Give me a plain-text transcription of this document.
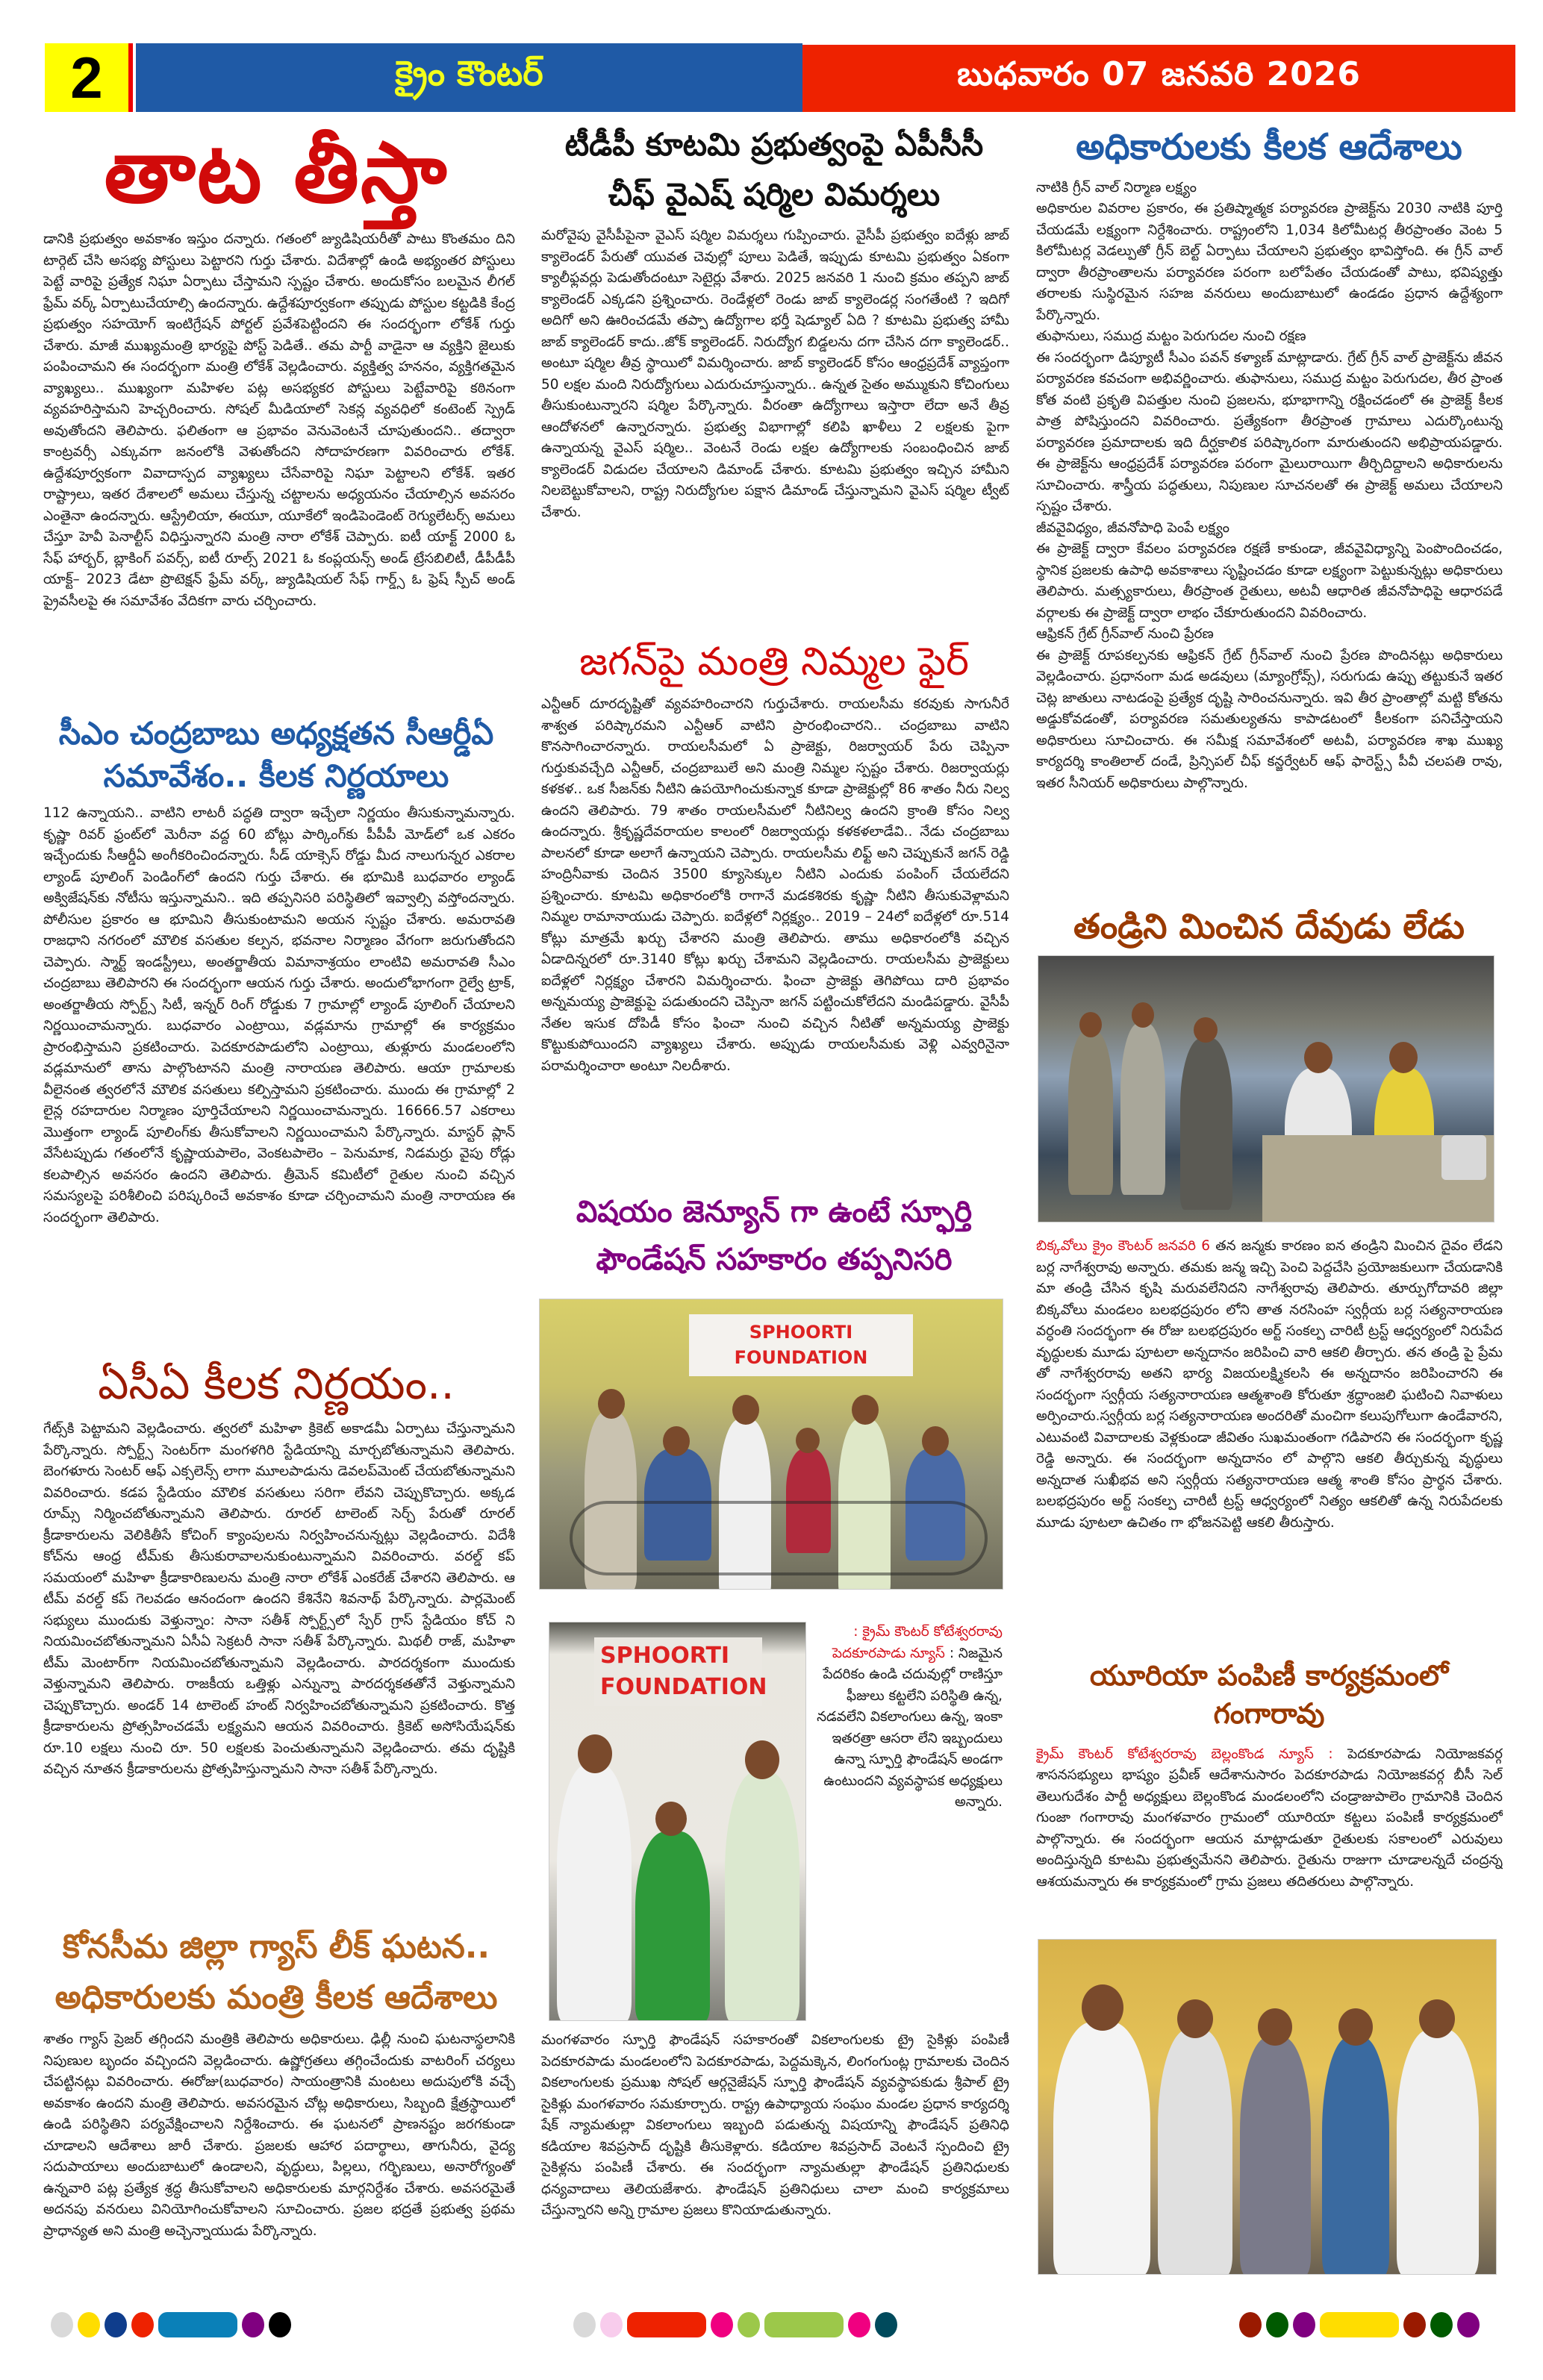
2	క్రైం కౌంటర్	బుధవారం 07 జనవరి 2026
తాట తీస్తా

డానికి ప్రభుత్వం అవకాశం ఇస్తుం దన్నారు. గతంలో జ్యుడిషియరీతో పాటు కొంతమం దిని టార్గెట్ చేసి అసభ్య పోస్టులు పెట్టారని గుర్తు చేశారు. విదేశాల్లో ఉండి అభ్యంతర పోస్టులు పెట్టే వారిపై ప్రత్యేక నిఘా ఏర్పాటు చేస్తామని స్పష్టం చేశారు. అందుకోసం బలమైన లీగల్ ఫ్రేమ్ వర్క్ ఏర్పాటుచేయాల్సి ఉందన్నారు. ఉద్దేశపూర్వకంగా తప్పుడు పోస్టుల కట్టడికి కేంద్ర ప్రభుత్వం సహయోగ్ ఇంటిగ్రేషన్ పోర్టల్ ప్రవేశపెట్టిందని ఈ సందర్భంగా లోకేశ్ గుర్తు చేశారు. మాజీ ముఖ్యమంత్రి భార్యపై పోస్ట్ పెడితే.. తమ పార్టీ వాడైనా ఆ వ్యక్తిని జైలుకు పంపించామని ఈ సందర్భంగా మంత్రి లోకేశ్ వెల్లడించారు. వ్యక్తిత్వ హననం, వ్యక్తిగతమైన వ్యాఖ్యలు.. ముఖ్యంగా మహిళల పట్ల అసభ్యకర పోస్టులు పెట్టేవారిపై కఠినంగా వ్యవహరిస్తామని హెచ్చరించారు. సోషల్ మీడియాలో సెకన్ల వ్యవధిలో కంటెంట్ స్ప్రెడ్ అవుతోందని తెలిపారు. ఫలితంగా ఆ ప్రభావం వెనువెంటనే చూపుతుందని.. తద్వారా కాంట్రవర్సీ ఎక్కువగా జనంలోకి వెళుతోందని సోదాహరణగా వివరించారు లోకేశ్. ఉద్దేశపూర్వకంగా వివాదాస్పద వ్యాఖ్యలు చేసేవారిపై నిఘా పెట్టాలని లోకేశ్. ఇతర రాష్ట్రాలు, ఇతర దేశాలలో అమలు చేస్తున్న చట్టాలను అధ్యయనం చేయాల్సిన అవసరం ఎంతైనా ఉందన్నారు. ఆస్ట్రేలియా, ఈయూ, యూకేలో ఇండిపెండెంట్ రెగ్యులేటర్స్ అమలు చేస్తూ హెవీ పెనాల్టీస్ విధిస్తున్నారని మంత్రి నారా లోకేశ్ చెప్పారు. ఐటీ యాక్ట్ 2000 ఓ సేఫ్ హార్బర్, బ్లాకింగ్ పవర్స్, ఐటీ రూల్స్ 2021 ఓ కంప్లయన్స్ అండ్ ట్రేసబిలిటీ, డీపీడీపీ యాక్ట్– 2023 డేటా ప్రొటెక్షన్ ఫ్రేమ్ వర్క్, జ్యుడిషియల్ సేఫ్ గార్డ్స్ ఓ ఫ్రెష్ స్పీచ్ అండ్ ప్రైవసీలపై ఈ సమావేశం వేదికగా వారు చర్చించారు.

సీఎం చంద్రబాబు అధ్యక్షతన సీఆర్డీఏ సమావేశం.. కీలక నిర్ణయాలు

112 ఉన్నాయని.. వాటిని లాటరీ పద్ధతి ద్వారా ఇచ్చేలా నిర్ణయం తీసుకున్నామన్నారు. కృష్ణా రివర్ ఫ్రంట్‌లో మెరీనా వద్ద 60 బోట్లు పార్కింగ్‌కు పీపీపీ మోడ్‌లో ఒక ఎకరం ఇచ్చేందుకు సీఆర్డీఏ అంగీకరించిందన్నారు. సీడ్ యాక్సెస్ రోడ్డు మీద నాలుగున్నర ఎకరాల ల్యాండ్ పూలింగ్ పెండింగ్‌లో ఉందని గుర్తు చేశారు. ఈ భూమికి బుధవారం ల్యాండ్ అక్విజేషన్‌కు నోటీసు ఇస్తున్నామని.. ఇది తప్పనిసరి పరిస్థితిలో ఇవ్వాల్సి వస్తోందన్నారు. పోలీసుల ప్రకారం ఆ భూమిని తీసుకుంటామని అయన స్పష్టం చేశారు. అమరావతి రాజధాని నగరంలో మౌలిక వసతుల కల్పన, భవనాల నిర్మాణం వేగంగా జరుగుతోందని చెప్పారు. స్మార్ట్ ఇండస్ట్రీలు, అంతర్జాతీయ విమానాశ్రయం లాంటివి అమరావతి సీఎం చంద్రబాబు తెలిపారని ఈ సందర్భంగా ఆయన గుర్తు చేశారు. అందులోభాగంగా రైల్వే ట్రాక్, అంతర్జాతీయ స్పోర్ట్స్ సిటీ, ఇన్నర్ రింగ్ రోడ్డుకు 7 గ్రామాల్లో ల్యాండ్ పూలింగ్ చేయాలని నిర్ణయించామన్నారు. బుధవారం ఎంట్రాయి, వడ్లమాను గ్రామాల్లో ఈ కార్యక్రమం ప్రారంభిస్తామని ప్రకటించారు. పెదకూరపాడులోని ఎంట్రాయి, తుళ్లూరు మండలంలోని వడ్లమానులో తాను పాల్గొంటానని మంత్రి నారాయణ తెలిపారు. ఆయా గ్రామాలకు వీలైనంత త్వరలోనే మౌలిక వసతులు కల్పిస్తామని ప్రకటించారు. ముందు ఈ గ్రామాల్లో 2 లైన్ల రహదారుల నిర్మాణం పూర్తిచేయాలని నిర్ణయించామన్నారు. 16666.57 ఎకరాలు మొత్తంగా ల్యాండ్ పూలింగ్‌కు తీసుకోవాలని నిర్ణయించామని పేర్కొన్నారు. మాస్టర్ ప్లాన్ వేసేటప్పుడు గతంలోనే కృష్ణాయపాలెం, వెంకటపాలెం – పెనుమాక, నిడమర్రు వైపు రోడ్లు కలపాల్సిన అవసరం ఉందని తెలిపారు. త్రీమెన్ కమిటీలో రైతుల నుంచి వచ్చిన సమస్యలపై పరిశీలించి పరిష్కరించే అవకాశం కూడా చర్చించామని మంత్రి నారాయణ ఈ సందర్భంగా తెలిపారు.

ఏసీఏ కీలక నిర్ణయం..

గేట్స్‌కి పెట్టామని వెల్లడించారు. త్వరలో మహిళా క్రికెట్ అకాడమీ ఏర్పాటు చేస్తున్నామని పేర్కొన్నారు. స్పోర్ట్స్ సెంటర్‌గా మంగళగిరి స్టేడియాన్ని మార్చబోతున్నామని తెలిపారు. బెంగళూరు సెంటర్ ఆఫ్ ఎక్సలెన్స్ లాగా మూలపాడును డెవలప్‌మెంట్ చేయబోతున్నామని వివరించారు. కడప స్టేడియం మౌలిక వసతులు సరిగా లేవని చెప్పుకొచ్చారు. అక్కడ రూమ్స్ నిర్మించబోతున్నామని తెలిపారు. రూరల్ టాలెంట్ సెర్చ్ పేరుతో రూరల్ క్రీడాకారులను వెలికితీసే కోచింగ్ క్యాంపులను నిర్వహించనున్నట్లు వెల్లడించారు. విదేశీ కోచ్‌ను ఆంధ్ర టీమ్‌కు తీసుకురావాలనుకుంటున్నామని వివరించారు. వరల్డ్ కప్ సమయంలో మహిళా క్రీడాకారిణులను మంత్రి నారా లోకేశ్ ఎంకరేజ్ చేశారని తెలిపారు. ఆ టీమ్ వరల్డ్ కప్ గెలవడం ఆనందంగా ఉందని కేశినేని శివనాథ్ పేర్కొన్నారు. పార్లమెంట్ సభ్యులు ముందుకు వెళ్తున్నాం: సానా సతీశ్ స్పోర్ట్స్‌లో స్పేర్ గ్రాస్ స్టేడియం కోచ్ ని నియమించబోతున్నామని ఏసీఏ సెక్రటరీ సానా సతీశ్ పేర్కొన్నారు. మిథలీ రాజ్, మహిళా టీమ్ మెంటార్‌గా నియమించబోతున్నామని వెల్లడించారు. పారదర్శకంగా ముందుకు వెళ్తున్నామని తెలిపారు. రాజకీయ ఒత్తిళ్లు ఎన్నున్నా పారదర్శకతతోనే వెళ్తున్నామని చెప్పుకొచ్చారు. అండర్ 14 టాలెంట్ హంట్ నిర్వహించబోతున్నామని ప్రకటించారు. కొత్త క్రీడాకారులను ప్రోత్సహించడమే లక్ష్యమని ఆయన వివరించారు. క్రికెట్ అసోసియేషన్‌కు రూ.10 లక్షలు నుంచి రూ. 50 లక్షలకు పెంచుతున్నామని వెల్లడించారు. తమ దృష్టికి వచ్చిన నూతన క్రీడాకారులను ప్రోత్సహిస్తున్నామని సానా సతీశ్ పేర్కొన్నారు.

కోనసీమ జిల్లా గ్యాస్ లీక్ ఘటన.. అధికారులకు మంత్రి కీలక ఆదేశాలు

శాతం గ్యాస్ ప్రెజర్ తగ్గిందని మంత్రికి తెలిపారు అధికారులు. ఢిల్లీ నుంచి ఘటనాస్థలానికి నిపుణుల బృందం వచ్చిందని వెల్లడించారు. ఉష్ణోగ్రతలు తగ్గించేందుకు వాటరింగ్ చర్యలు చేపట్టినట్లు వివరించారు. ఈరోజు(బుధవారం) సాయంత్రానికి మంటలు అదుపులోకి వచ్చే అవకాశం ఉందని మంత్రి తెలిపారు. అవసరమైన చోట్ల అధికారులు, సిబ్బంది క్షేత్రస్థాయిలో ఉండి పరిస్థితిని పర్యవేక్షించాలని నిర్దేశించారు. ఈ ఘటనలో ప్రాణనష్టం జరగకుండా చూడాలని ఆదేశాలు జారీ చేశారు. ప్రజలకు ఆహార పదార్థాలు, తాగునీరు, వైద్య సదుపాయాలు అందుబాటులో ఉండాలని, వృద్ధులు, పిల్లలు, గర్భిణులు, అనారోగ్యంతో ఉన్నవారి పట్ల ప్రత్యేక శ్రద్ధ తీసుకోవాలని అధికారులకు మార్గనిర్దేశం చేశారు. అవసరమైతే అదనపు వనరులు వినియోగించుకోవాలని సూచించారు. ప్రజల భద్రతే ప్రభుత్వ ప్రథమ ప్రాధాన్యత అని మంత్రి అచ్చెన్నాయుడు పేర్కొన్నారు.

టీడీపీ కూటమి ప్రభుత్వంపై ఏపీసీసీ చీఫ్ వైఎష్ షర్మిల విమర్శలు

మరోవైపు వైసీపీపైనా వైఎస్ షర్మిల విమర్శలు గుప్పించారు. వైసీపీ ప్రభుత్వం ఐదేళ్లు జాబ్ క్యాలెండర్ పేరుతో యువత చెవుల్లో పూలు పెడితే, ఇప్పుడు కూటమి ప్రభుత్వం ఏకంగా క్యాలీఫ్లవర్లు పెడుతోందంటూ సెటైర్లు వేశారు. 2025 జనవరి 1 నుంచి క్రమం తప్పని జాబ్ క్యాలెండర్ ఎక్కడని ప్రశ్నించారు. రెండేళ్లలో రెండు జాబ్ క్యాలెండర్ల సంగతేంటి ? ఇదిగో అదిగో అని ఊరించడమే తప్పా ఉద్యోగాల భర్తీ షెడ్యూల్ ఏది ? కూటమి ప్రభుత్వ హామీ జాబ్ క్యాలెండర్ కాదు..జోక్ క్యాలెండర్. నిరుద్యోగ బిడ్డలను దగా చేసిన దగా క్యాలెండర్.. అంటూ షర్మిల తీవ్ర స్థాయిలో విమర్శించారు. జాబ్ క్యాలెండర్ కోసం ఆంధ్రప్రదేశ్ వ్యాప్తంగా 50 లక్షల మంది నిరుద్యోగులు ఎదురుచూస్తున్నారు.. ఉన్నత సైతం అమ్ముకుని కోచింగులు తీసుకుంటున్నారని షర్మిల పేర్కొన్నారు. వీరంతా ఉద్యోగాలు ఇస్తారా లేదా అనే తీవ్ర ఆందోళనలో ఉన్నారన్నారు. ప్రభుత్వ విభాగాల్లో కలిపి ఖాళీలు 2 లక్షలకు పైగా ఉన్నాయన్న వైఎస్ షర్మిల.. వెంటనే రెండు లక్షల ఉద్యోగాలకు సంబంధించిన జాబ్ క్యాలెండర్ విడుదల చేయాలని డిమాండ్ చేశారు. కూటమి ప్రభుత్వం ఇచ్చిన హామీని నిలబెట్టుకోవాలని, రాష్ట్ర నిరుద్యోగుల పక్షాన డిమాండ్ చేస్తున్నామని వైఎస్ షర్మిల ట్వీట్ చేశారు.

జగన్‌పై మంత్రి నిమ్మల ఫైర్

ఎన్టీఆర్ దూరదృష్టితో వ్యవహరించారని గుర్తుచేశారు. రాయలసీమ కరవుకు సాగునీరే శాశ్వత పరిష్కారమని ఎన్టీఆర్ వాటిని ప్రారంభించారని.. చంద్రబాబు వాటిని కొనసాగించారన్నారు. రాయలసీమలో ఏ ప్రాజెక్టు, రిజర్వాయర్ పేరు చెప్పినా గుర్తుకువచ్చేది ఎన్టీఆర్, చంద్రబాబులే అని మంత్రి నిమ్మల స్పష్టం చేశారు. రిజర్వాయర్లు కళకళ.. ఒక సీజన్‌కు నీటిని ఉపయోగించుకున్నాక కూడా ప్రాజెక్టుల్లో 86 శాతం నీరు నిల్వ ఉందని తెలిపారు. 79 శాతం రాయలసీమలో నీటినిల్వ ఉందని క్రాంతి కోసం నిల్వ ఉందన్నారు. శ్రీకృష్ణదేవరాయల కాలంలో రిజర్వాయర్లు కళకళలాడేవి.. నేడు చంద్రబాబు పాలనలో కూడా అలాగే ఉన్నాయని చెప్పారు. రాయలసీమ లిఫ్ట్ అని చెప్పుకునే జగన్ రెడ్డి హంద్రినీవాకు చెందిన 3500 క్యూసెక్కుల నీటిని ఎందుకు పంపింగ్ చేయలేదని ప్రశ్నించారు. కూటమి అధికారంలోకి రాగానే మడకశిరకు కృష్ణా నీటిని తీసుకువెళ్లామని నిమ్మల రామానాయుడు చెప్పారు. ఐదేళ్లలో నిర్లక్ష్యం.. 2019 – 24లో ఐదేళ్లలో రూ.514 కోట్లు మాత్రమే ఖర్చు చేశారని మంత్రి తెలిపారు. తాము అధికారంలోకి వచ్చిన ఏడాదిన్నరలో రూ.3140 కోట్లు ఖర్చు చేశామని వెల్లడించారు. రాయలసీమ ప్రాజెక్టులు ఐదేళ్లలో నిర్లక్ష్యం చేశారని విమర్శించారు. ఫించా ప్రాజెక్టు తెగిపోయి దారి ప్రభావం అన్నమయ్య ప్రాజెక్టుపై పడుతుందని చెప్పినా జగన్ పట్టించుకోలేదని మండిపడ్డారు. వైసీపీ నేతల ఇసుక దోపిడీ కోసం ఫించా నుంచి వచ్చిన నీటితో అన్నమయ్య ప్రాజెక్టు కొట్టుకుపోయిందని వ్యాఖ్యలు చేశారు. అప్పుడు రాయలసీమకు వెళ్లి ఎవ్వరినైనా పరామర్శించారా అంటూ నిలదీశారు.

విషయం జెన్యూన్ గా ఉంటే స్ఫూర్తి ఫౌండేషన్ సహకారం తప్పనిసరి
SPHOORTI FOUNDATION
SPHOORTI FOUNDATION
: క్రైమ్ కౌంటర్ కోటేశ్వరరావు పెదకూరపాడు న్యూస్ : నిజమైన పేదరికం ఉండి చదువుల్లో రాణిస్తూ ఫీజులు కట్టలేని పరిస్థితి ఉన్న, నడవలేని వికలాంగులు ఉన్న, ఇంకా ఇతరత్రా ఆసరా లేని ఇబ్బందులు ఉన్నా స్ఫూర్తి ఫౌండేషన్ అండగా ఉంటుందని వ్యవస్థాపక అధ్యక్షులు అన్నారు.

మంగళవారం స్ఫూర్తి ఫౌండేషన్ సహకారంతో వికలాంగులకు ట్రై సైకిళ్లు పంపిణీ పెదకూరపాడు మండలంలోని పెదకూరపాడు, పెద్దమక్కెన, లింగంగుంట్ల గ్రామాలకు చెందిన వికలాంగులకు ప్రముఖ సోషల్ ఆర్గనైజేషన్ స్ఫూర్తి ఫౌండేషన్ వ్యవస్థాపకుడు శ్రీపాల్ ట్రై సైకిళ్లు మంగళవారం సమకూర్చారు. రాష్ట్ర ఉపాధ్యాయ సంఘం మండల ప్రధాన కార్యదర్శి షేక్ న్యామతుల్లా వికలాంగులు ఇబ్బంది పడుతున్న విషయాన్ని ఫౌండేషన్ ప్రతినిధి కడియాల శివప్రసాద్ దృష్టికి తీసుకెళ్లారు. కడియాల శివప్రసాద్ వెంటనే స్పందించి ట్రై సైకిళ్లను పంపిణీ చేశారు. ఈ సందర్భంగా న్యామతుల్లా ఫౌండేషన్ ప్రతినిధులకు ధన్యవాదాలు తెలియజేశారు. ఫౌండేషన్ ప్రతినిధులు చాలా మంచి కార్యక్రమాలు చేస్తున్నారని అన్ని గ్రామాల ప్రజలు కొనియాడుతున్నారు.

అధికారులకు కీలక ఆదేశాలు

నాటికి గ్రీన్ వాల్ నిర్మాణ లక్ష్యం
అధికారుల వివరాల ప్రకారం, ఈ ప్రతిష్మాత్మక పర్యావరణ ప్రాజెక్ట్‌ను 2030 నాటికి పూర్తి చేయడమే లక్ష్యంగా నిర్దేశించారు. రాష్ట్రంలోని 1,034 కిలోమీటర్ల తీరప్రాంతం వెంట 5 కిలోమీటర్ల వెడల్పుతో గ్రీన్ బెల్ట్ ఏర్పాటు చేయాలని ప్రభుత్వం భావిస్తోంది. ఈ గ్రీన్ వాల్ ద్వారా తీరప్రాంతాలను పర్యావరణ పరంగా బలోపేతం చేయడంతో పాటు, భవిష్యత్తు తరాలకు సుస్థిరమైన సహజ వనరులు అందుబాటులో ఉండడం ప్రధాన ఉద్దేశ్యంగా పేర్కొన్నారు.
తుఫానులు, సముద్ర మట్టం పెరుగుదల నుంచి రక్షణ
ఈ సందర్భంగా డిప్యూటీ సీఎం పవన్ కళ్యాణ్ మాట్లాడారు. గ్రేట్ గ్రీన్ వాల్ ప్రాజెక్ట్‌ను జీవన పర్యావరణ కవచంగా అభివర్ణించారు. తుఫానులు, సముద్ర మట్టం పెరుగుదల, తీర ప్రాంత కోత వంటి ప్రకృతి విపత్తుల నుంచి ప్రజలను, భూభాగాన్ని రక్షించడంలో ఈ ప్రాజెక్ట్ కీలక పాత్ర పోషిస్తుందని వివరించారు. ప్రత్యేకంగా తీరప్రాంత గ్రామాలు ఎదుర్కొంటున్న పర్యావరణ ప్రమాదాలకు ఇది దీర్ఘకాలిక పరిష్కారంగా మారుతుందని అభిప్రాయపడ్డారు. ఈ ప్రాజెక్ట్‌ను ఆంధ్రప్రదేశ్ పర్యావరణ పరంగా మైలురాయిగా తీర్చిదిద్దాలని అధికారులను సూచించారు. శాస్త్రీయ పద్ధతులు, నిపుణుల సూచనలతో ఈ ప్రాజెక్ట్ అమలు చేయాలని స్పష్టం చేశారు.
జీవవైవిధ్యం, జీవనోపాధి పెంపే లక్ష్యం
ఈ ప్రాజెక్ట్ ద్వారా కేవలం పర్యావరణ రక్షణే కాకుండా, జీవవైవిధ్యాన్ని పెంపొందించడం, స్థానిక ప్రజలకు ఉపాధి అవకాశాలు సృష్టించడం కూడా లక్ష్యంగా పెట్టుకున్నట్లు అధికారులు తెలిపారు. మత్స్యకారులు, తీరప్రాంత రైతులు, అటవీ ఆధారిత జీవనోపాధిపై ఆధారపడే వర్గాలకు ఈ ప్రాజెక్ట్ ద్వారా లాభం చేకూరుతుందని వివరించారు.
ఆఫ్రికన్ గ్రేట్ గ్రీన్‌వాల్ నుంచి ప్రేరణ
ఈ ప్రాజెక్ట్ రూపకల్పనకు ఆఫ్రికన్ గ్రేట్ గ్రీన్‌వాల్ నుంచి ప్రేరణ పొందినట్లు అధికారులు వెల్లడించారు. ప్రధానంగా మడ అడవులు (మ్యాంగ్రోవ్స్), సరుగుడు ఉప్పు తట్టుకునే ఇతర చెట్ల జాతులు నాటడంపై ప్రత్యేక దృష్టి సారించనున్నారు. ఇవి తీర ప్రాంతాల్లో మట్టి కోతను అడ్డుకోవడంతో, పర్యావరణ సమతుల్యతను కాపాడటంలో కీలకంగా పనిచేస్తాయని అధికారులు సూచించారు. ఈ సమీక్ష సమావేశంలో అటవీ, పర్యావరణ శాఖ ముఖ్య కార్యదర్శి కాంతిలాల్ దండే, ప్రిన్సిపల్ చీఫ్ కన్జర్వేటర్ ఆఫ్ ఫారెస్ట్స్ పీవీ చలపతి రావు, ఇతర సీనియర్ అధికారులు పాల్గొన్నారు.

తండ్రిని మించిన దేవుడు లేడు
బిక్కవోలు క్రైం కౌంటర్ జనవరి 6 తన జన్మకు కారణం ఐన తండ్రిని మించిన దైవం లేడని బర్ల నాగేశ్వరావు అన్నారు. తమకు జన్మ ఇచ్చి పెంచి పెద్దచేసి ప్రయోజకులుగా చేయడానికి మా తండ్రి చేసిన కృషి మరువలేనిదని నాగేశ్వరావు తెలిపారు. తూర్పుగోదావరి జిల్లా బిక్కవోలు మండలం బలభద్రపురం లోని తాత నరసింహ స్వర్గీయ బర్ల సత్యనారాయణ వర్ధంతి సందర్భంగా ఈ రోజు బలభద్రపురం అర్ట్ సంకల్ప చారిటీ ట్రస్ట్ ఆధ్వర్యంలో నిరుపేద వృద్ధులకు మూడు పూటలా అన్నదానం జరిపించి వారి ఆకలి తీర్చారు. తన తండ్రి పై ప్రేమ తో నాగేశ్వరరావు అతని భార్య విజయలక్ష్మికలసి ఈ అన్నదానం జరిపించారని ఈ సందర్భంగా స్వర్గీయ సత్యనారాయణ ఆత్మశాంతి కోరుతూ శ్రద్ధాంజలి ఘటించి నివాళులు అర్పించారు.స్వర్గీయ బర్ల సత్యనారాయణ అందరితో మంచిగా కలుపుగోలుగా ఉండేవారని, ఎటువంటి వివాదాలకు వెళ్లకుండా జీవితం సుఖమంతంగా గడిపారని ఈ సందర్భంగా కృష్ణ రెడ్డి అన్నారు. ఈ సందర్భంగా అన్నదానం లో పాల్గొని ఆకలి తీర్చుకున్న వృద్ధులు అన్నదాత సుఖీభవ అని స్వర్గీయ సత్యనారాయణ ఆత్మ శాంతి కోసం ప్రార్థన చేశారు. బలభద్రపురం అర్ట్ సంకల్ప చారిటీ ట్రస్ట్ ఆధ్వర్యంలో నిత్యం ఆకలితో ఉన్న నిరుపేదలకు మూడు పూటలా ఉచితం గా భోజనపెట్టి ఆకలి తీరుస్తారు.
యూరియా పంపిణీ కార్యక్రమంలో గంగారావు
క్రైమ్ కౌంటర్ కోటేశ్వరరావు బెల్లంకొండ న్యూస్ : పెదకూరపాడు నియోజకవర్గ శాసనసభ్యులు భాష్యం ప్రవీణ్ ఆదేశానుసారం పెదకూరపాడు నియోజకవర్గ బీసీ సెల్ తెలుగుదేశం పార్టీ అధ్యక్షులు బెల్లంకొండ మండలంలోని చండ్రాజుపాలెం గ్రామానికి చెందిన గుంజా గంగారావు మంగళవారం గ్రామంలో యూరియా కట్టలు పంపిణీ కార్యక్రమంలో పాల్గొన్నారు. ఈ సందర్భంగా ఆయన మాట్లాడుతూ రైతులకు సకాలంలో ఎరువులు అందిస్తున్నది కూటమి ప్రభుత్వమేనని తెలిపారు. రైతును రాజుగా చూడాలన్నదే చంద్రన్న ఆశయమన్నారు ఈ కార్యక్రమంలో గ్రామ ప్రజలు తదితరులు పాల్గొన్నారు.
